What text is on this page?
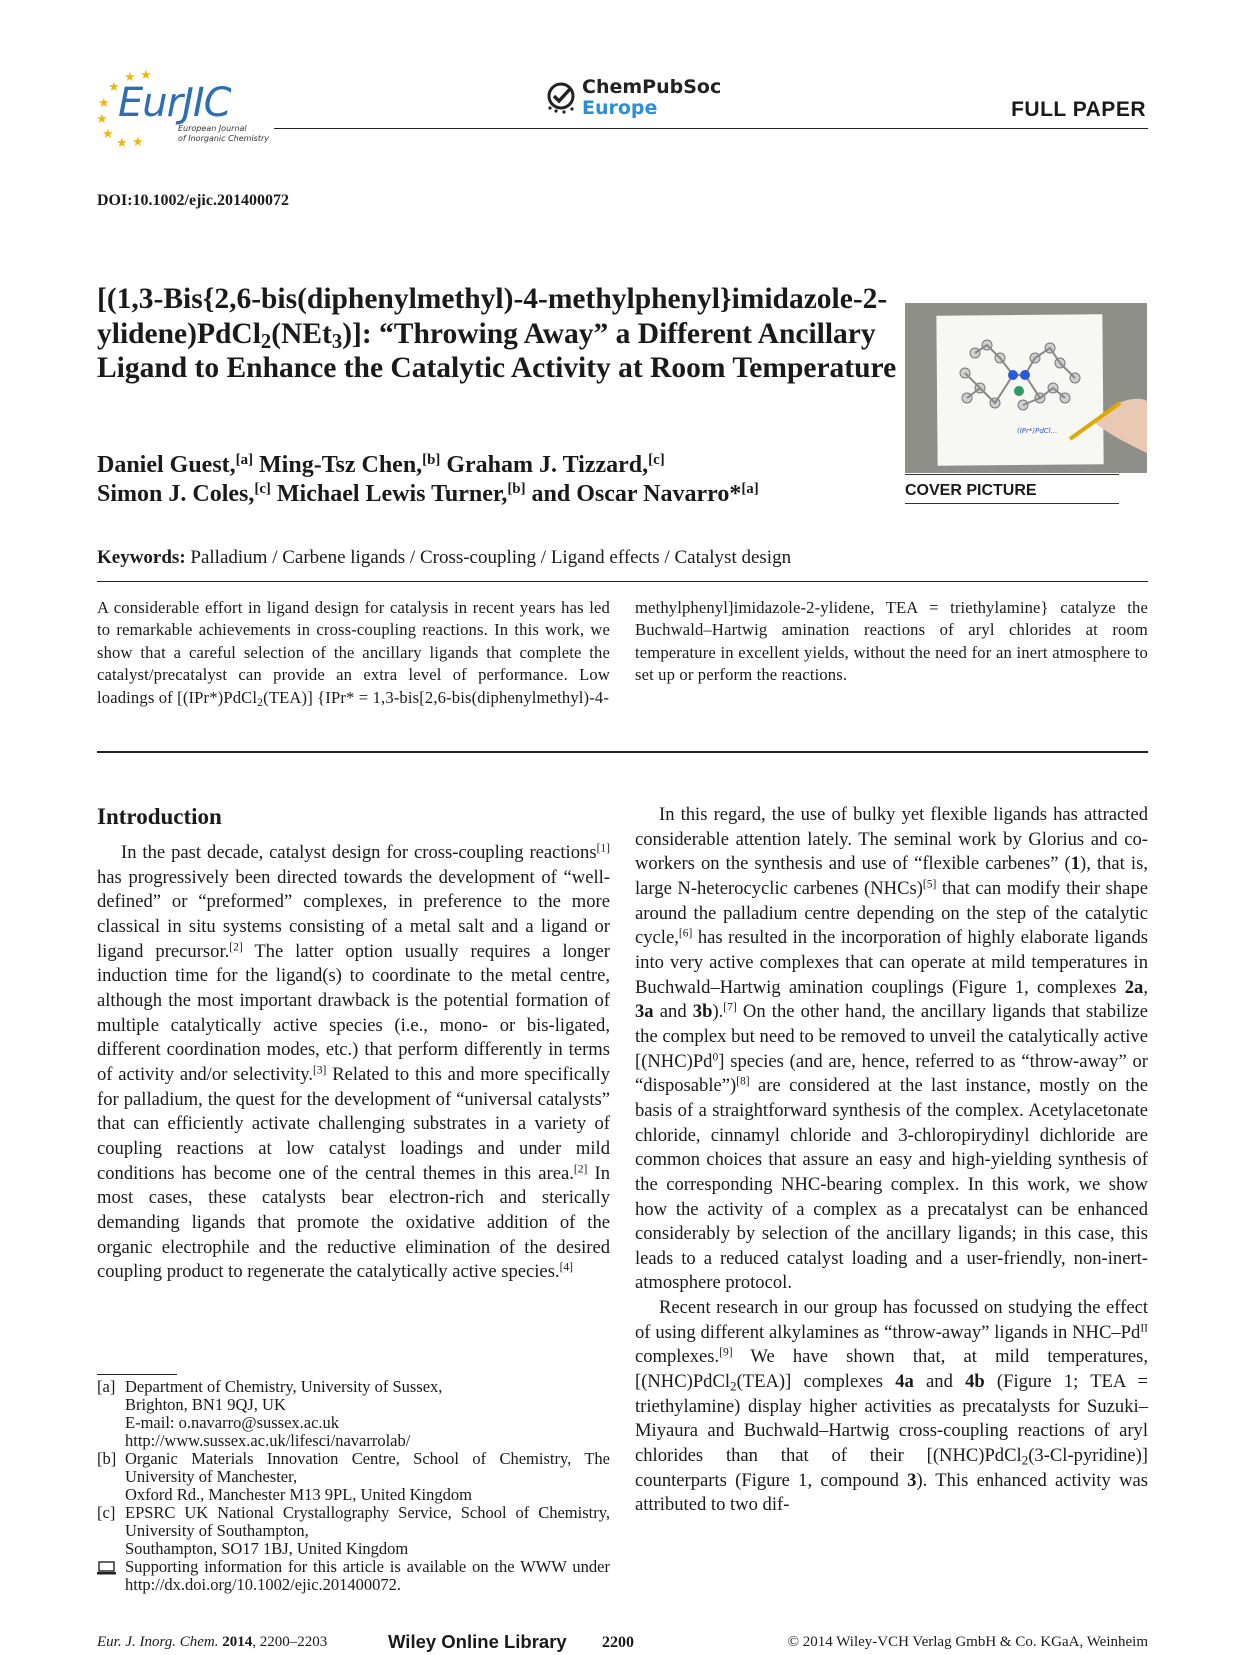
★ ★
★
★
★
★
★ ★
EurJIC
European Journal
of Inorganic Chemistry
ChemPubSoc
Europe	FULL PAPER
DOI:10.1002/ejic.201400072
[(1,3-Bis{2,6-bis(diphenylmethyl)-4-methylphenyl}imidazole-2-ylidene)PdCl$_2$(NEt$_3$)]: “Throwing Away” a Different Ancillary Ligand to Enhance the Catalytic Activity at Room Temperature
Daniel Guest,[a] Ming-Tsz Chen,[b] Graham J. Tizzard,[c]
Simon J. Coles,[c] Michael Lewis Turner,[b] and Oscar Navarro*[a]
(IPr*)PdCl...
COVER PICTURE
Keywords: Palladium / Carbene ligands / Cross-coupling / Ligand effects / Catalyst design
A considerable effort in ligand design for catalysis in recent years has led to remarkable achievements in cross-coupling reactions. In this work, we show that a careful selection of the ancillary ligands that complete the catalyst/precatalyst can provide an extra level of performance. Low loadings of [(IPr*)PdCl$_2$(TEA)] {IPr* = 1,3-bis[2,6-bis(diphenylmethyl)-4-
methylphenyl]imidazole-2-ylidene, TEA = triethylamine} catalyze the Buchwald–Hartwig amination reactions of aryl chlorides at room temperature in excellent yields, without the need for an inert atmosphere to set up or perform the reactions.
Introduction

In the past decade, catalyst design for cross-coupling reactions[1] has progressively been directed towards the development of “well-defined” or “preformed” complexes, in preference to the more classical in situ systems consisting of a metal salt and a ligand or ligand precursor.[2] The latter option usually requires a longer induction time for the ligand(s) to coordinate to the metal centre, although the most important drawback is the potential formation of multiple catalytically active species (i.e., mono- or bis-ligated, different coordination modes, etc.) that perform differently in terms of activity and/or selectivity.[3] Related to this and more specifically for palladium, the quest for the development of “universal catalysts” that can efficiently activate challenging substrates in a variety of coupling reactions at low catalyst loadings and under mild conditions has become one of the central themes in this area.[2] In most cases, these catalysts bear electron-rich and sterically demanding ligands that promote the oxidative addition of the organic electrophile and the reductive elimination of the desired coupling product to regenerate the catalytically active species.[4]

In this regard, the use of bulky yet flexible ligands has attracted considerable attention lately. The seminal work by Glorius and co-workers on the synthesis and use of “flexible carbenes” (1), that is, large N-heterocyclic carbenes (NHCs)[5] that can modify their shape around the palladium centre depending on the step of the catalytic cycle,[6] has resulted in the incorporation of highly elaborate ligands into very active complexes that can operate at mild temperatures in Buchwald–Hartwig amination couplings (Figure 1, complexes 2a, 3a and 3b).[7] On the other hand, the ancillary ligands that stabilize the complex but need to be removed to unveil the catalytically active [(NHC)Pd$^0$] species (and are, hence, referred to as “throw-away” or “disposable”)[8] are considered at the last instance, mostly on the basis of a straightforward synthesis of the complex. Acetylacetonate chloride, cinnamyl chloride and 3-chloropirydinyl dichloride are common choices that assure an easy and high-yielding synthesis of the corresponding NHC-bearing complex. In this work, we show how the activity of a complex as a precatalyst can be enhanced considerably by selection of the ancillary ligands; in this case, this leads to a reduced catalyst loading and a user-friendly, non-inert-atmosphere protocol.

Recent research in our group has focussed on studying the effect of using different alkylamines as “throw-away” ligands in NHC–$Pd^{II}$ complexes.[9] We have shown that, at mild temperatures, [(NHC)PdCl$_2$(TEA)] complexes 4a and 4b (Figure 1; TEA = triethylamine) display higher activities as precatalysts for Suzuki–Miyaura and Buchwald–Hartwig cross-coupling reactions of aryl chlorides than that of their [(NHC)PdCl$_2$(3-Cl-pyridine)] counterparts (Figure 1, compound 3). This enhanced activity was attributed to two dif-

[a] Department of Chemistry, University of Sussex,
Brighton, BN1 9QJ, UK
E-mail: o.navarro@sussex.ac.uk
http://www.sussex.ac.uk/lifesci/navarrolab/
[b] Organic Materials Innovation Centre, School of Chemistry, The University of Manchester,
Oxford Rd., Manchester M13 9PL, United Kingdom
[c] EPSRC UK National Crystallography Service, School of Chemistry, University of Southampton,
Southampton, SO17 1BJ, United Kingdom
Supporting information for this article is available on the WWW under http://dx.doi.org/10.1002/ejic.201400072.
Eur. J. Inorg. Chem. 2014, 2200–2203	Wiley Online Library 2200	© 2014 Wiley-VCH Verlag GmbH & Co. KGaA, Weinheim
